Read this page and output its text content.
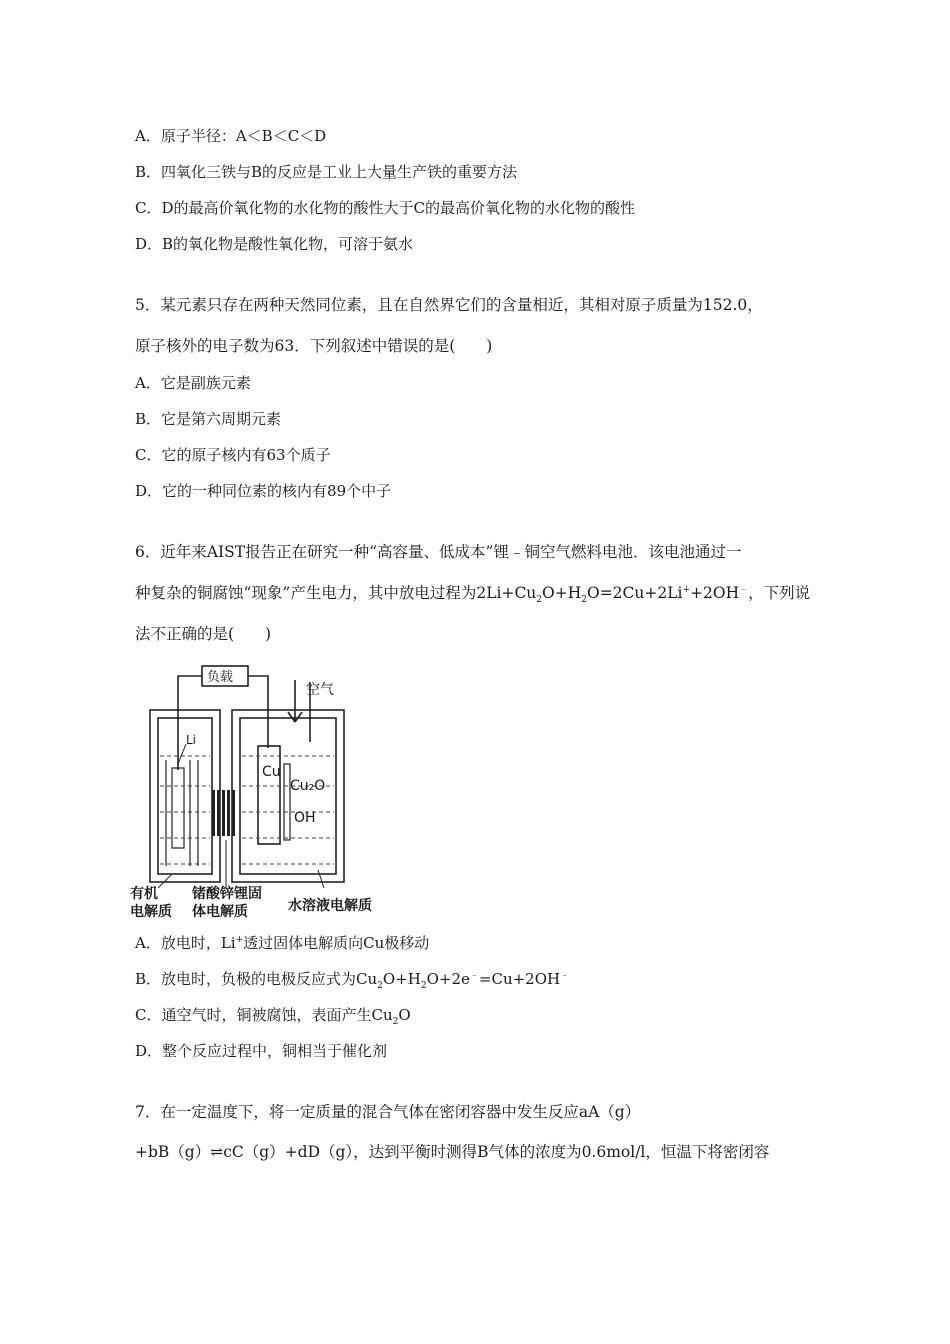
A．原子半径：A＜B＜C＜D
B．四氧化三铁与B的反应是工业上大量生产铁的重要方法
C．D的最高价氧化物的水化物的酸性大于C的最高价氧化物的水化物的酸性
D．B的氧化物是酸性氧化物，可溶于氨水
5．某元素只存在两种天然同位素，且在自然界它们的含量相近，其相对原子质量为152.0，
原子核外的电子数为63．下列叙述中错误的是(　　)
A．它是副族元素
B．它是第六周期元素
C．它的原子核内有63个质子
D．它的一种同位素的核内有89个中子
6．近年来AIST报告正在研究一种“高容量、低成本”锂﹣铜空气燃料电池．该电池通过一
种复杂的铜腐蚀“现象”产生电力，其中放电过程为$2Li+Cu_2O+H_2O=2Cu+2Li^++2OH^﹣$，下列说
法不正确的是(　　)
负载
空气
Li
Cu
Cu₂O
OH
有机
电解质
锗酸锌锂固
体电解质	水溶液电解质
A．放电时，Li+透过固体电解质向Cu极移动
B．放电时，负极的电极反应式为$Cu_2O+H_2O+2e^﹣=Cu+2OH^﹣$
C．通空气时，铜被腐蚀，表面产生$Cu_2O$
D．整个反应过程中，铜相当于催化剂
7．在一定温度下，将一定质量的混合气体在密闭容器中发生反应aA（g）
+bB（g）⇌cC（g）+dD（g），达到平衡时测得B气体的浓度为0.6mol/l，恒温下将密闭容
